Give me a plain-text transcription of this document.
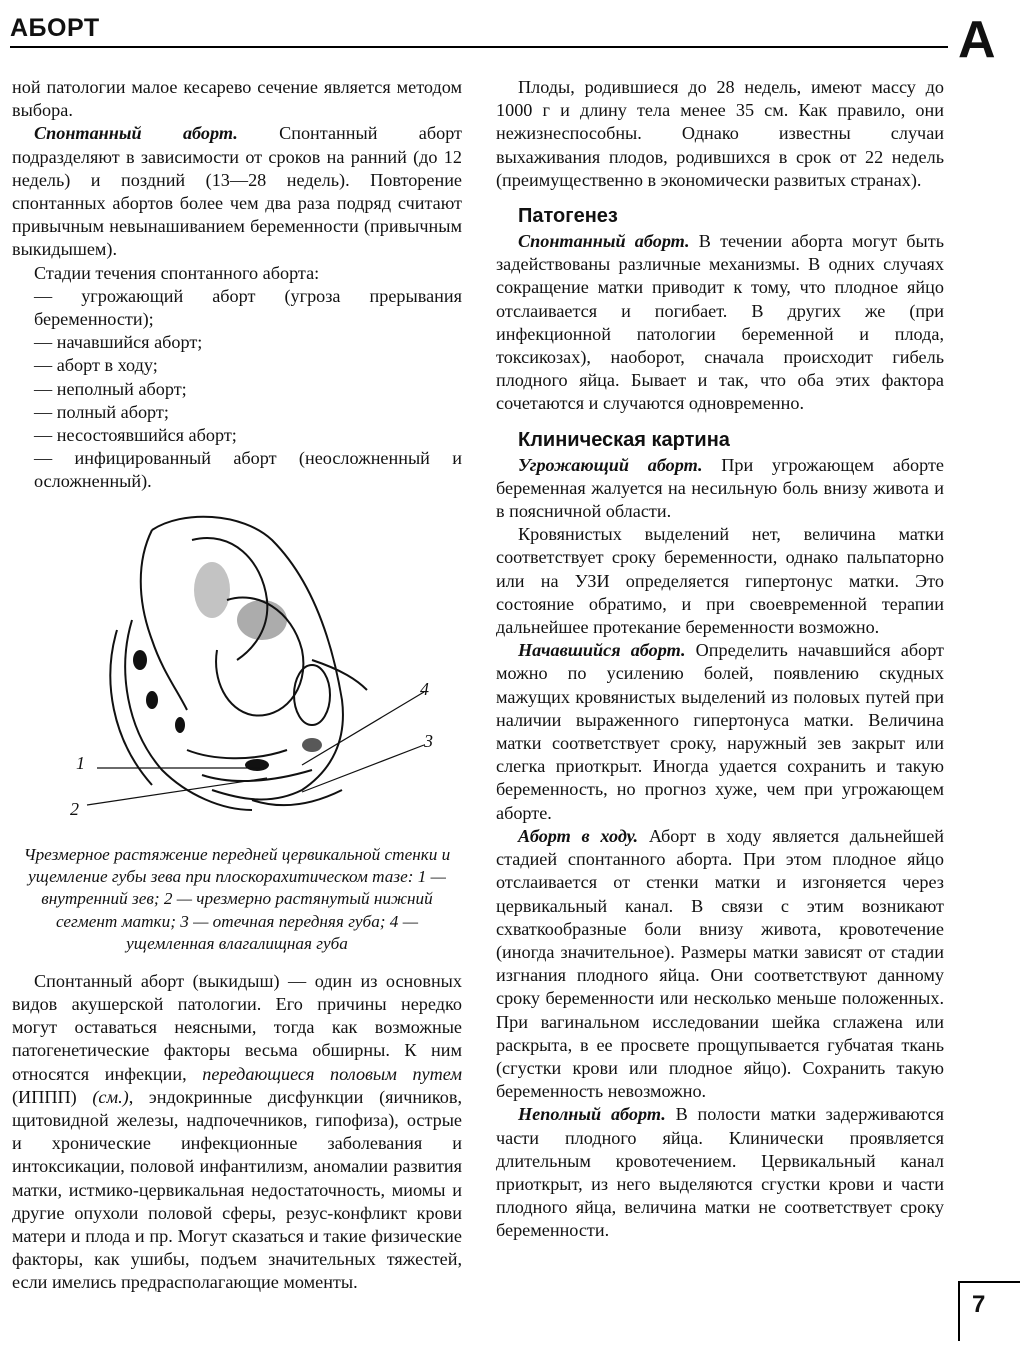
АБОРТ	А

ной патологии малое кесарево сечение является методом выбора.

Спонтанный аборт. Спонтанный аборт подразделяют в зависимости от сроков на ранний (до 12 недель) и поздний (13—28 недель). Повторение спонтанных абортов более чем два раза подряд считают привычным невынашиванием беременности (привычным выкидышем).

Стадии течения спонтанного аборта:

— угрожающий аборт (угроза прерывания беременности);

— начавшийся аборт;

— аборт в ходу;

— неполный аборт;

— полный аборт;

— несостоявшийся аборт;

— инфицированный аборт (неосложненный и осложненный).

1
2
3
4

Чрезмерное растяжение передней цервикальной стенки и ущемление губы зева при плоскорахитическом тазе: 1 — внутренний зев; 2 — чрезмерно растянутый нижний сегмент матки; 3 — отечная передняя губа; 4 — ущемленная влагалищная губа

Спонтанный аборт (выкидыш) — один из основных видов акушерской патологии. Его причины нередко могут оставаться неясными, тогда как возможные патогенетические факторы весьма обширны. К ним относятся инфекции, передающиеся половым путем (ИППП) (см.), эндокринные дисфункции (яичников, щитовидной железы, надпочечников, гипофиза), острые и хронические инфекционные заболевания и интоксикации, половой инфантилизм, аномалии развития матки, истмико-цервикальная недостаточность, миомы и другие опухоли половой сферы, резус-конфликт крови матери и плода и пр. Могут сказаться и такие физические факторы, как ушибы, подъем значительных тяжестей, если имелись предрасполагающие моменты.

Плоды, родившиеся до 28 недель, имеют массу до 1000 г и длину тела менее 35 см. Как правило, они нежизнеспособны. Однако известны случаи выхаживания плодов, родившихся в срок от 22 недель (преимущественно в экономически развитых странах).

Патогенез

Спонтанный аборт. В течении аборта могут быть задействованы различные механизмы. В одних случаях сокращение матки приводит к тому, что плодное яйцо отслаивается и погибает. В других же (при инфекционной патологии беременной и плода, токсикозах), наоборот, сначала происходит гибель плодного яйца. Бывает и так, что оба этих фактора сочетаются и случаются одновременно.

Клиническая картина

Угрожающий аборт. При угрожающем аборте беременная жалуется на несильную боль внизу живота и в поясничной области.

Кровянистых выделений нет, величина матки соответствует сроку беременности, однако пальпаторно или на УЗИ определяется гипертонус матки. Это состояние обратимо, и при своевременной терапии дальнейшее протекание беременности возможно.

Начавшийся аборт. Определить начавшийся аборт можно по усилению болей, появлению скудных мажущих кровянистых выделений из половых путей при наличии выраженного гипертонуса матки. Величина матки соответствует сроку, наружный зев закрыт или слегка приоткрыт. Иногда удается сохранить и такую беременность, но прогноз хуже, чем при угрожающем аборте.

Аборт в ходу. Аборт в ходу является дальнейшей стадией спонтанного аборта. При этом плодное яйцо отслаивается от стенки матки и изгоняется через цервикальный канал. В связи с этим возникают схваткообразные боли внизу живота, кровотечение (иногда значительное). Размеры матки зависят от стадии изгнания плодного яйца. Они соответствуют данному сроку беременности или несколько меньше положенных. При вагинальном исследовании шейка сглажена или раскрыта, в ее просвете прощупывается губчатая ткань (сгустки крови или плодное яйцо). Сохранить такую беременность невозможно.

Неполный аборт. В полости матки задерживаются части плодного яйца. Клинически проявляется длительным кровотечением. Цервикальный канал приоткрыт, из него выделяются сгустки крови и части плодного яйца, величина матки не соответствует сроку беременности.

7
